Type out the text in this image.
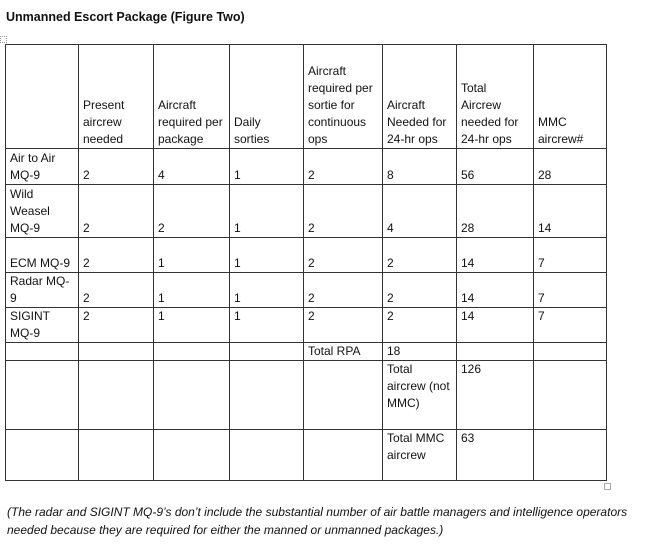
Unmanned Escort Package (Figure Two)
	Present aircrew needed	Aircraft required per package	Daily sorties	Aircraft required per sortie for continuous ops	Aircraft Needed for 24-hr ops	Total Aircrew needed for 24-hr ops	MMC aircrew#
Air to Air MQ-9	2	4	1	2	8	56	28
Wild Weasel MQ-9	2	2	1	2	4	28	14
ECM MQ-9	2	1	1	2	2	14	7
Radar MQ-9	2	1	1	2	2	14	7
SIGINT MQ-9	2	1	1	2	2	14	7
				Total RPA	18		
					Total aircrew (not MMC)	126	
					Total MMC aircrew	63	
(The radar and SIGINT MQ-9’s don’t include the substantial number of air battle managers and intelligence operators needed because they are required for either the manned or unmanned packages.)
